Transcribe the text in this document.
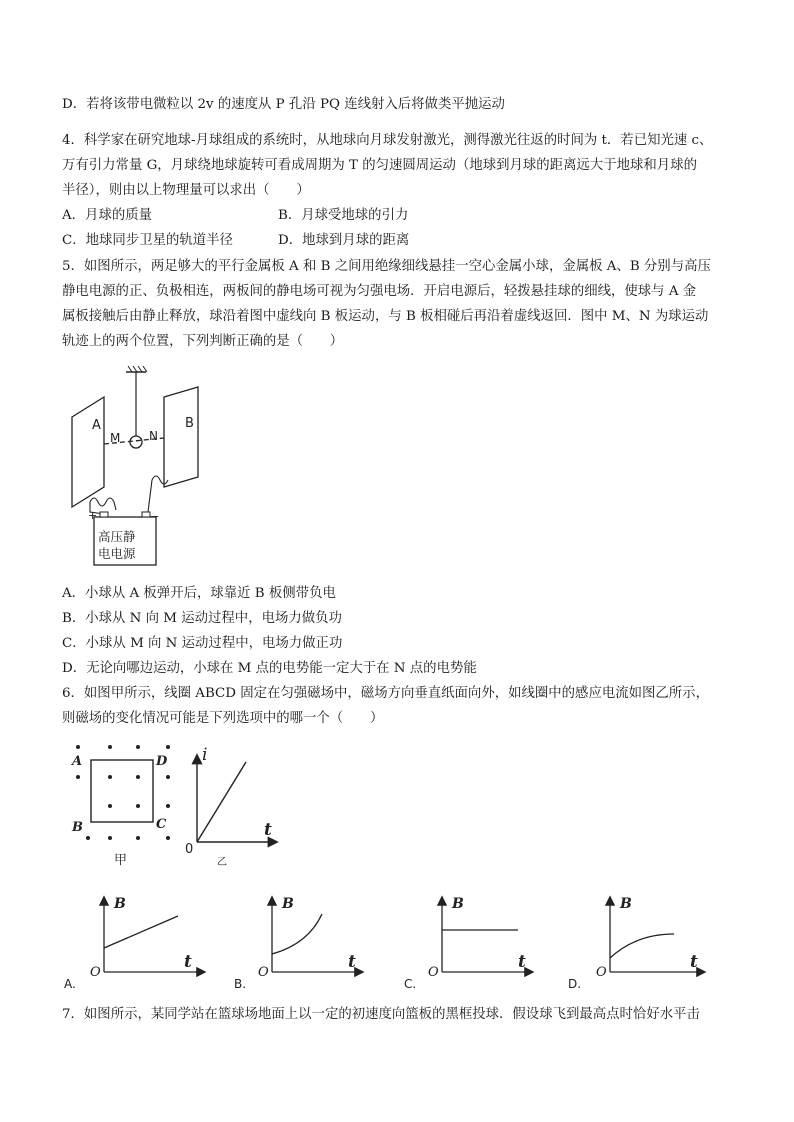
D．若将该带电微粒以 2v 的速度从 P 孔沿 PQ 连线射入后将做类平抛运动
4．科学家在研究地球-月球组成的系统时，从地球向月球发射激光，测得激光往返的时间为 t．若已知光速 c、
万有引力常量 G，月球绕地球旋转可看成周期为 T 的匀速圆周运动（地球到月球的距离远大于地球和月球的
半径），则由以上物理量可以求出（　　）
A．月球的质量	B．月球受地球的引力
C．地球同步卫星的轨道半径	D．地球到月球的距离
5．如图所示，两足够大的平行金属板 A 和 B 之间用绝缘细线悬挂一空心金属小球，金属板 A、B 分别与高压
静电电源的正、负极相连，两板间的静电场可视为匀强电场．开启电源后，轻拨悬挂球的细线，使球与 A 金
属板接触后由静止释放，球沿着图中虚线向 B 板运动，与 B 板相碰后再沿着虚线返回．图中 M、N 为球运动
轨迹上的两个位置，下列判断正确的是（　　）
高压静
电电源
+	−
A	B
M N
A．小球从 A 板弹开后，球靠近 B 板侧带负电
B．小球从 N 向 M 运动过程中，电场力做负功
C．小球从 M 向 N 运动过程中，电场力做正功
D．无论向哪边运动，小球在 M 点的电势能一定大于在 N 点的电势能
6．如图甲所示，线圈 ABCD 固定在匀强磁场中，磁场方向垂直纸面向外，如线圈中的感应电流如图乙所示，
则磁场的变化情况可能是下列选项中的哪一个（　　）
A	D
B	C
甲
i
t
0
乙
B
t
O
A.
B
t
O
B.
B
t
O
C.
B
t
O
D.
7．如图所示，某同学站在篮球场地面上以一定的初速度向篮板的黑框投球．假设球飞到最高点时恰好水平击
